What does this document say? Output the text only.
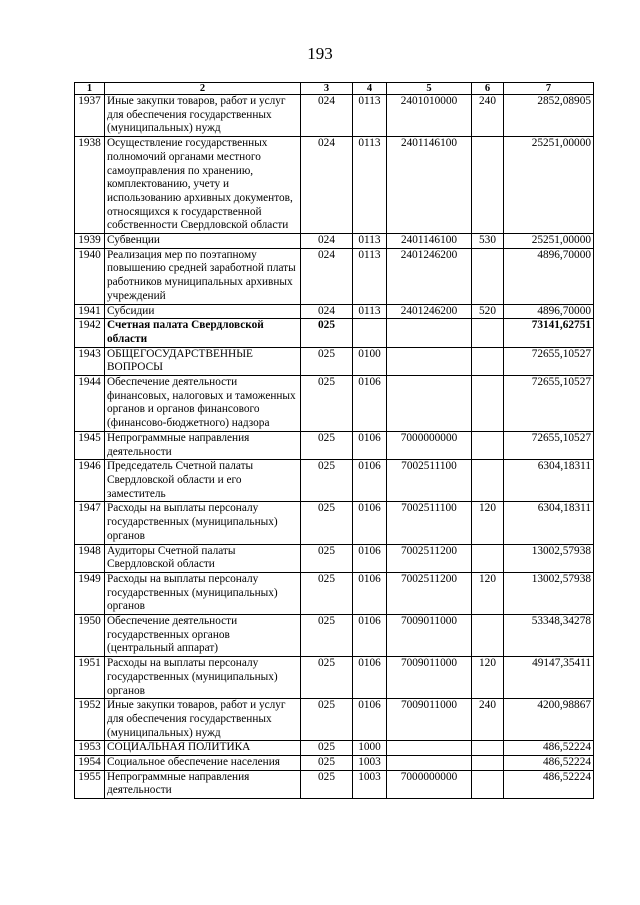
193
1	2	3	4	5	6	7
1937	Иные закупки товаров, работ и услуг для обеспечения государственных (муниципальных) нужд	024	0113	2401010000	240	2852,08905
1938	Осуществление государственных полномочий органами местного самоуправления по хранению, комплектованию, учету и использованию архивных документов, относящихся к государственной собственности Свердловской области	024	0113	2401146100		25251,00000
1939	Субвенции	024	0113	2401146100	530	25251,00000
1940	Реализация мер по поэтапному повышению средней заработной платы работников муниципальных архивных учреждений	024	0113	2401246200		4896,70000
1941	Субсидии	024	0113	2401246200	520	4896,70000
1942	Счетная палата Свердловской области	025				73141,62751
1943	ОБЩЕГОСУДАРСТВЕННЫЕ ВОПРОСЫ	025	0100			72655,10527
1944	Обеспечение деятельности финансовых, налоговых и таможенных органов и органов финансового (финансово-бюджетного) надзора	025	0106			72655,10527
1945	Непрограммные направления деятельности	025	0106	7000000000		72655,10527
1946	Председатель Счетной палаты Свердловской области и его заместитель	025	0106	7002511100		6304,18311
1947	Расходы на выплаты персоналу государственных (муниципальных) органов	025	0106	7002511100	120	6304,18311
1948	Аудиторы Счетной палаты Свердловской области	025	0106	7002511200		13002,57938
1949	Расходы на выплаты персоналу государственных (муниципальных) органов	025	0106	7002511200	120	13002,57938
1950	Обеспечение деятельности государственных органов (центральный аппарат)	025	0106	7009011000		53348,34278
1951	Расходы на выплаты персоналу государственных (муниципальных) органов	025	0106	7009011000	120	49147,35411
1952	Иные закупки товаров, работ и услуг для обеспечения государственных (муниципальных) нужд	025	0106	7009011000	240	4200,98867
1953	СОЦИАЛЬНАЯ ПОЛИТИКА	025	1000			486,52224
1954	Социальное обеспечение населения	025	1003			486,52224
1955	Непрограммные направления деятельности	025	1003	7000000000		486,52224
